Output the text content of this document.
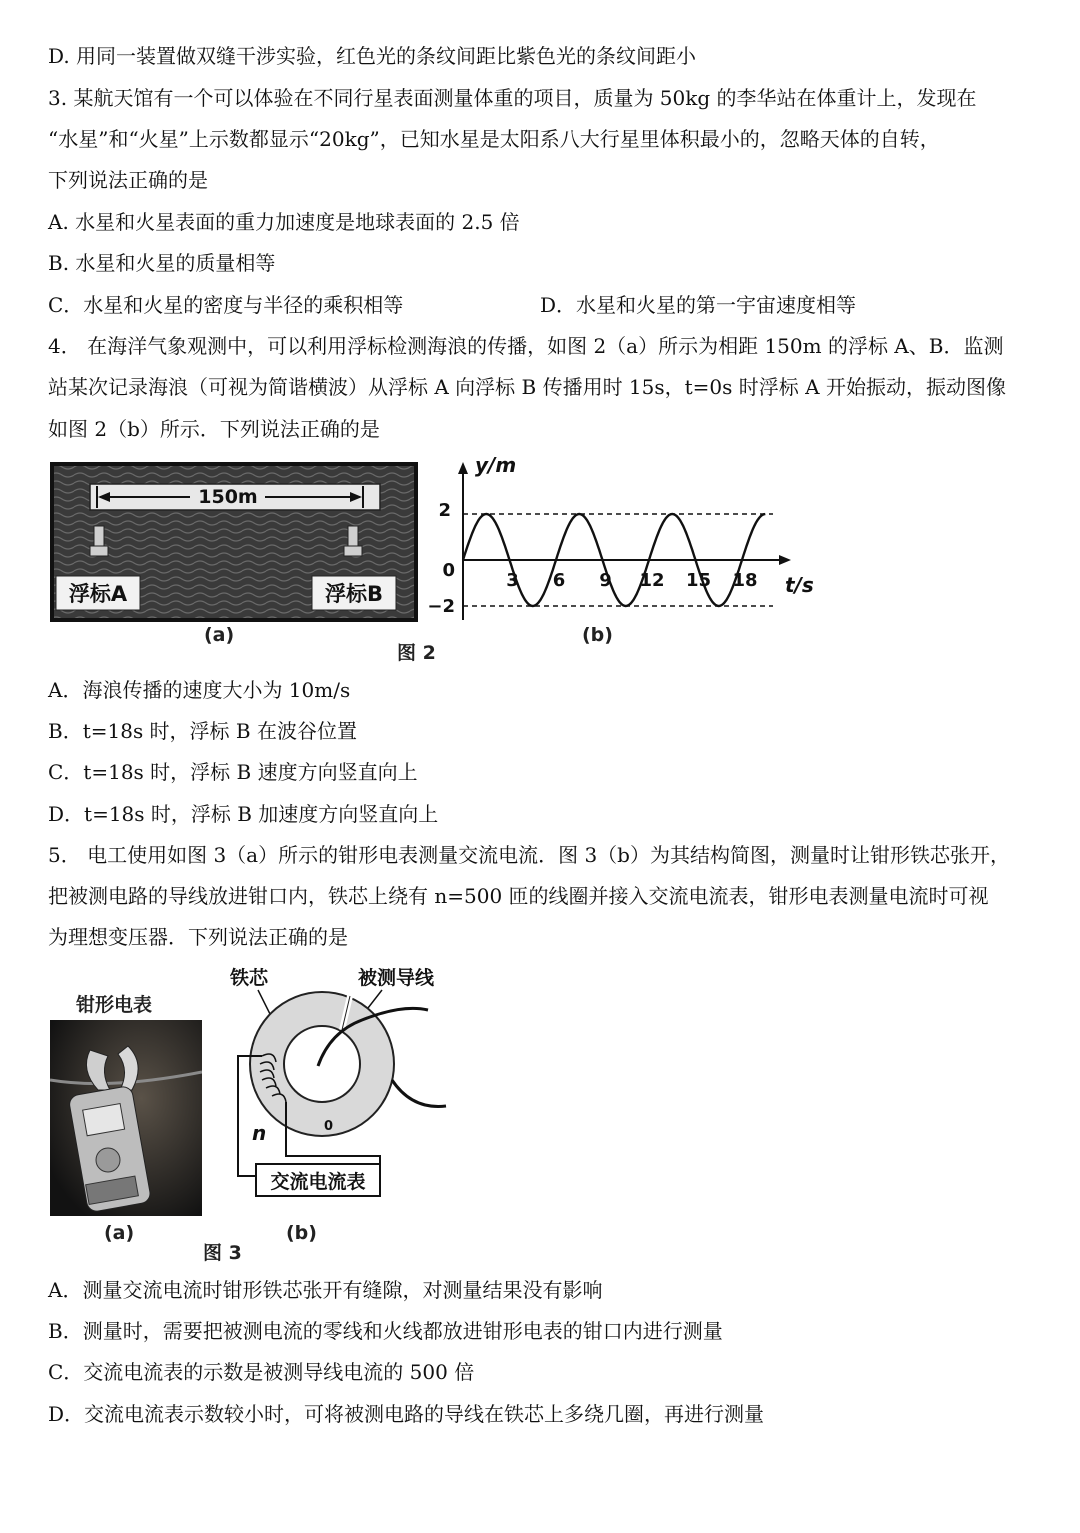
D. 用同一装置做双缝干涉实验，红色光的条纹间距比紫色光的条纹间距小
3. 某航天馆有一个可以体验在不同行星表面测量体重的项目，质量为 50kg 的李华站在体重计上，发现在
“水星”和“火星”上示数都显示“20kg”，已知水星是太阳系八大行星里体积最小的，忽略天体的自转，
下列说法正确的是
A. 水星和火星表面的重力加速度是地球表面的 2.5 倍
B. 水星和火星的质量相等
C．水星和火星的密度与半径的乘积相等	D．水星和火星的第一宇宙速度相等
4． 在海洋气象观测中，可以利用浮标检测海浪的传播，如图 2（a）所示为相距 150m 的浮标 A、B．监测
站某次记录海浪（可视为简谐横波）从浮标 A 向浮标 B 传播用时 15s，t=0s 时浮标 A 开始振动，振动图像
如图 2（b）所示．下列说法正确的是
150m
浮标A	浮标B
(a)
图 2
y/m
t/s
2
0
−2
3 6 9 12 15 18
(b)
A．海浪传播的速度大小为 10m/s
B．t=18s 时，浮标 B 在波谷位置
C．t=18s 时，浮标 B 速度方向竖直向上
D．t=18s 时，浮标 B 加速度方向竖直向上
5． 电工使用如图 3（a）所示的钳形电表测量交流电流．图 3（b）为其结构简图，测量时让钳形铁芯张开，
把被测电路的导线放进钳口内，铁芯上绕有 n=500 匝的线圈并接入交流电流表，钳形电表测量电流时可视
为理想变压器．下列说法正确的是
钳形电表
(a)
铁芯	被测导线
n	0
交流电流表
(b)
图 3
A．测量交流电流时钳形铁芯张开有缝隙，对测量结果没有影响
B．测量时，需要把被测电流的零线和火线都放进钳形电表的钳口内进行测量
C．交流电流表的示数是被测导线电流的 500 倍
D．交流电流表示数较小时，可将被测电路的导线在铁芯上多绕几圈，再进行测量
